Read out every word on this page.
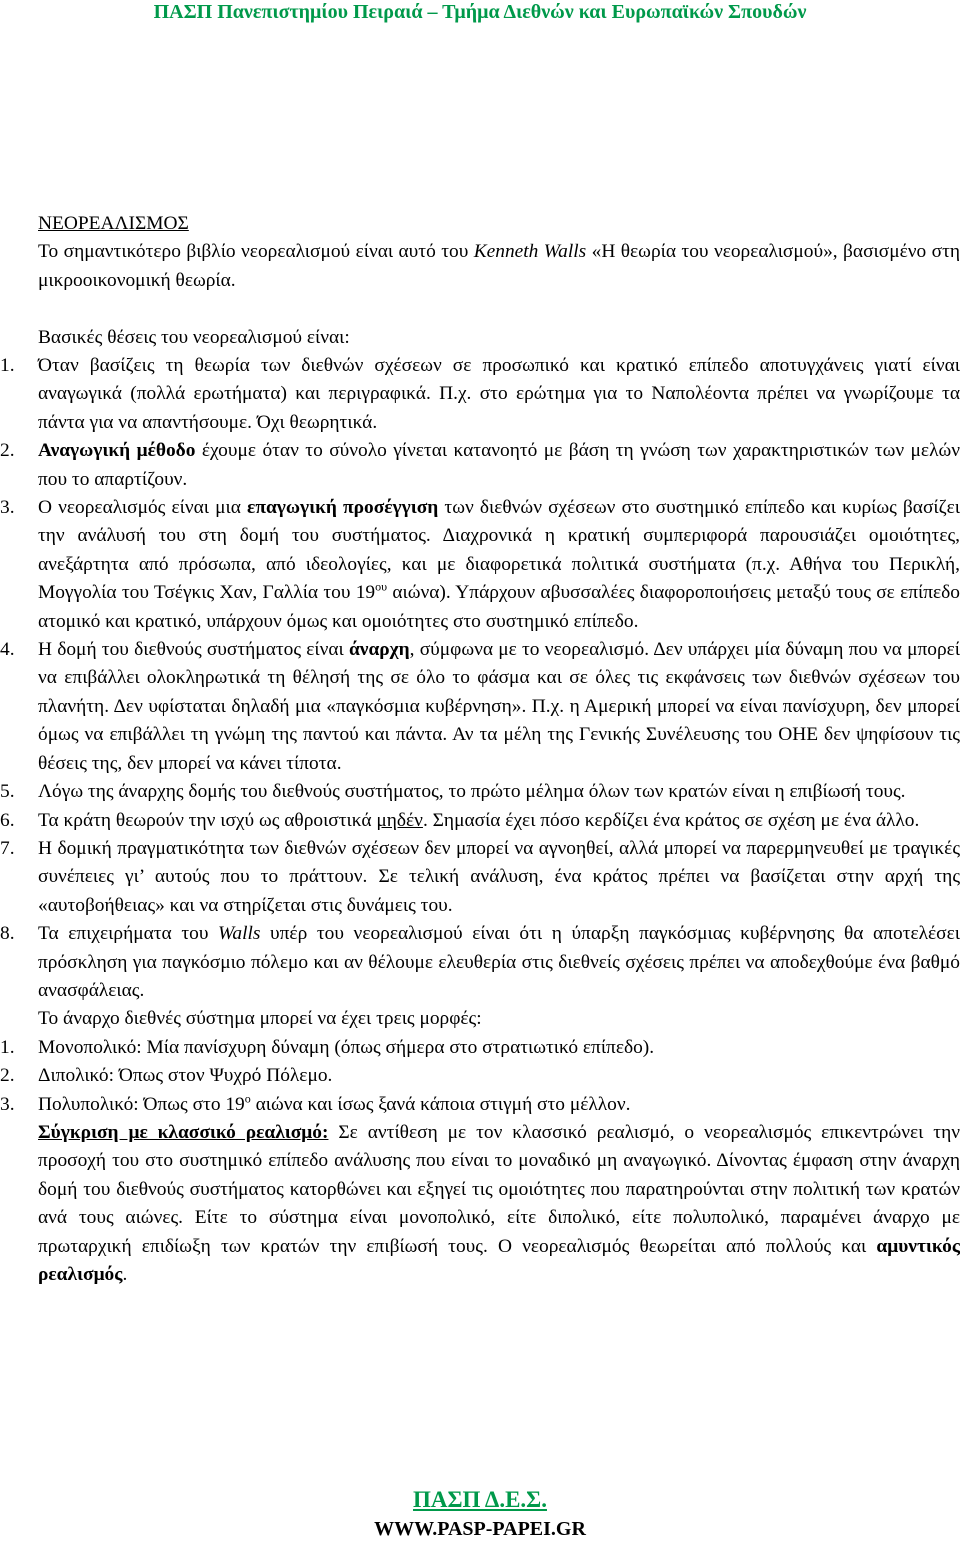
ΠΑΣΠ Πανεπιστημίου Πειραιά – Τμήμα Διεθνών και Ευρωπαϊκών Σπουδών

ΝΕΟΡΕΑΛΙΣΜΟΣ

Το σημαντικότερο βιβλίο νεορεαλισμού είναι αυτό του Kenneth Walls «Η θεωρία του νεορεαλισμού», βασισμένο στη μικροοικονομική θεωρία.

Βασικές θέσεις του νεορεαλισμού είναι:

1. Όταν βασίζεις τη θεωρία των διεθνών σχέσεων σε προσωπικό και κρατικό επίπεδο αποτυγχάνεις γιατί είναι αναγωγικά (πολλά ερωτήματα) και περιγραφικά. Π.χ. στο ερώτημα για το Ναπολέοντα πρέπει να γνωρίζουμε τα πάντα για να απαντήσουμε. Όχι θεωρητικά.
2. Αναγωγική μέθοδο έχουμε όταν το σύνολο γίνεται κατανοητό με βάση τη γνώση των χαρακτηριστικών των μελών που το απαρτίζουν.
3. Ο νεορεαλισμός είναι μια επαγωγική προσέγγιση των διεθνών σχέσεων στο συστημικό επίπεδο και κυρίως βασίζει την ανάλυσή του στη δομή του συστήματος. Διαχρονικά η κρατική συμπεριφορά παρουσιάζει ομοιότητες, ανεξάρτητα από πρόσωπα, από ιδεολογίες, και με διαφορετικά πολιτικά συστήματα (π.χ. Αθήνα του Περικλή, Μογγολία του Τσέγκις Χαν, Γαλλία του $19^{o\upsilon}$ αιώνα). Υπάρχουν αβυσσαλέες διαφοροποιήσεις μεταξύ τους σε επίπεδο ατομικό και κρατικό, υπάρχουν όμως και ομοιότητες στο συστημικό επίπεδο.
4. Η δομή του διεθνούς συστήματος είναι άναρχη, σύμφωνα με το νεορεαλισμό. Δεν υπάρχει μία δύναμη που να μπορεί να επιβάλλει ολοκληρωτικά τη θέλησή της σε όλο το φάσμα και σε όλες τις εκφάνσεις των διεθνών σχέσεων του πλανήτη. Δεν υφίσταται δηλαδή μια «παγκόσμια κυβέρνηση». Π.χ. η Αμερική μπορεί να είναι πανίσχυρη, δεν μπορεί όμως να επιβάλλει τη γνώμη της παντού και πάντα. Αν τα μέλη της Γενικής Συνέλευσης του ΟΗΕ δεν ψηφίσουν τις θέσεις της, δεν μπορεί να κάνει τίποτα.
5. Λόγω της άναρχης δομής του διεθνούς συστήματος, το πρώτο μέλημα όλων των κρατών είναι η επιβίωσή τους.
6. Τα κράτη θεωρούν την ισχύ ως αθροιστικά μηδέν. Σημασία έχει πόσο κερδίζει ένα κράτος σε σχέση με ένα άλλο.
7. Η δομική πραγματικότητα των διεθνών σχέσεων δεν μπορεί να αγνοηθεί, αλλά μπορεί να παρερμηνευθεί με τραγικές συνέπειες γι’ αυτούς που το πράττουν. Σε τελική ανάλυση, ένα κράτος πρέπει να βασίζεται στην αρχή της «αυτοβοήθειας» και να στηρίζεται στις δυνάμεις του.
8. Τα επιχειρήματα του Walls υπέρ του νεορεαλισμού είναι ότι η ύπαρξη παγκόσμιας κυβέρνησης θα αποτελέσει πρόσκληση για παγκόσμιο πόλεμο και αν θέλουμε ελευθερία στις διεθνείς σχέσεις πρέπει να αποδεχθούμε ένα βαθμό ανασφάλειας.

Το άναρχο διεθνές σύστημα μπορεί να έχει τρεις μορφές:

1. Μονοπολικό: Μία πανίσχυρη δύναμη (όπως σήμερα στο στρατιωτικό επίπεδο).
2. Διπολικό: Όπως στον Ψυχρό Πόλεμο.
3. Πολυπολικό: Όπως στο $19^o$ αιώνα και ίσως ξανά κάποια στιγμή στο μέλλον.

Σύγκριση με κλασσικό ρεαλισμό: Σε αντίθεση με τον κλασσικό ρεαλισμό, ο νεορεαλισμός επικεντρώνει την προσοχή του στο συστημικό επίπεδο ανάλυσης που είναι το μοναδικό μη αναγωγικό. Δίνοντας έμφαση στην άναρχη δομή του διεθνούς συστήματος κατορθώνει και εξηγεί τις ομοιότητες που παρατηρούνται στην πολιτική των κρατών ανά τους αιώνες. Είτε το σύστημα είναι μονοπολικό, είτε διπολικό, είτε πολυπολικό, παραμένει άναρχο με πρωταρχική επιδίωξη των κρατών την επιβίωσή τους. Ο νεορεαλισμός θεωρείται από πολλούς και αμυντικός ρεαλισμός.

ΠΑΣΠ Δ.Ε.Σ.
WWW.PASP-PAPEI.GR
